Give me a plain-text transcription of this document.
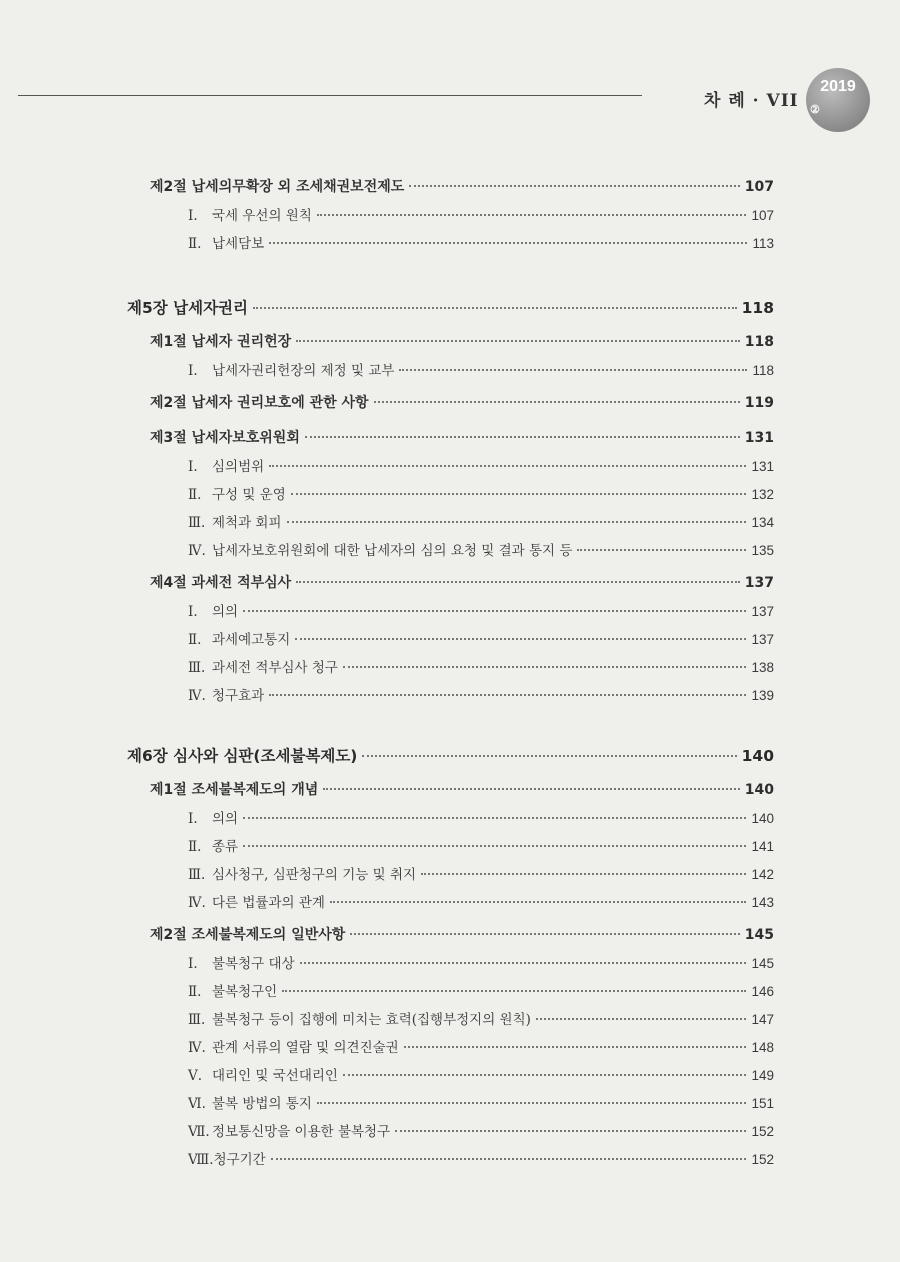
차 례 · VII
2019
②
제2절 납세의무확장 외 조세채권보전제도	107
Ⅰ. 국세 우선의 원칙	107
Ⅱ. 납세담보	113
제5장 납세자권리	118
제1절 납세자 권리헌장	118
Ⅰ. 납세자권리헌장의 제정 및 교부	118
제2절 납세자 권리보호에 관한 사항	119
제3절 납세자보호위원회	131
Ⅰ. 심의범위	131
Ⅱ. 구성 및 운영	132
Ⅲ. 제척과 회피	134
Ⅳ. 납세자보호위원회에 대한 납세자의 심의 요청 및 결과 통지 등	135
제4절 과세전 적부심사	137
Ⅰ. 의의	137
Ⅱ. 과세예고통지	137
Ⅲ. 과세전 적부심사 청구	138
Ⅳ. 청구효과	139
제6장 심사와 심판(조세불복제도)	140
제1절 조세불복제도의 개념	140
Ⅰ. 의의	140
Ⅱ. 종류	141
Ⅲ. 심사청구, 심판청구의 기능 및 취지	142
Ⅳ. 다른 법률과의 관계	143
제2절 조세불복제도의 일반사항	145
Ⅰ. 불복청구 대상	145
Ⅱ. 불복청구인	146
Ⅲ. 불복청구 등이 집행에 미치는 효력(집행부정지의 원칙)	147
Ⅳ. 관계 서류의 열람 및 의견진술권	148
Ⅴ. 대리인 및 국선대리인	149
Ⅵ. 불복 방법의 통지	151
Ⅶ. 정보통신망을 이용한 불복청구	152
Ⅷ.청구기간	152
